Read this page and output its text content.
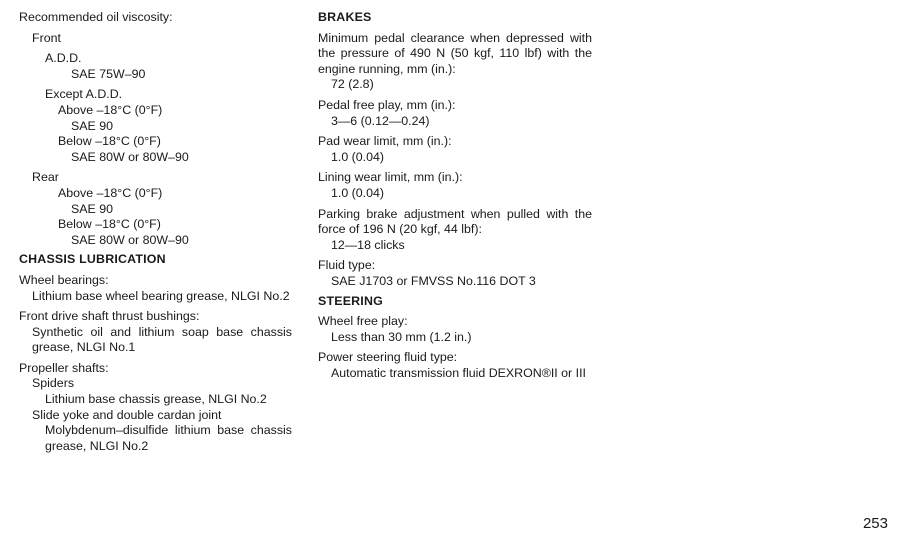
Recommended oil viscosity:
Front
A.D.D.
SAE 75W–90
Except A.D.D.
Above –18°C (0°F)
SAE 90
Below –18°C (0°F)
SAE 80W or 80W–90
Rear
Above –18°C (0°F)
SAE 90
Below –18°C (0°F)
SAE 80W or 80W–90
CHASSIS LUBRICATION
Wheel bearings:
Lithium base wheel bearing grease, NLGI No.2
Front drive shaft thrust bushings:
Synthetic oil and lithium soap base chassis grease, NLGI No.1
Propeller shafts:
Spiders
Lithium base chassis grease, NLGI No.2
Slide yoke and double cardan joint
Molybdenum–disulfide lithium base chassis grease, NLGI No.2
BRAKES
Minimum pedal clearance when depressed with the pressure of 490 N (50 kgf, 110 lbf) with the engine running, mm (in.):
72 (2.8)
Pedal free play, mm (in.):
3—6 (0.12—0.24)
Pad wear limit, mm (in.):
1.0 (0.04)
Lining wear limit, mm (in.):
1.0 (0.04)
Parking brake adjustment when pulled with the force of 196 N (20 kgf, 44 lbf):
12—18 clicks
Fluid type:
SAE J1703 or FMVSS No.116 DOT 3
STEERING
Wheel free play:
Less than 30 mm (1.2 in.)
Power steering fluid type:
Automatic transmission fluid DEXRON®II or III
253
